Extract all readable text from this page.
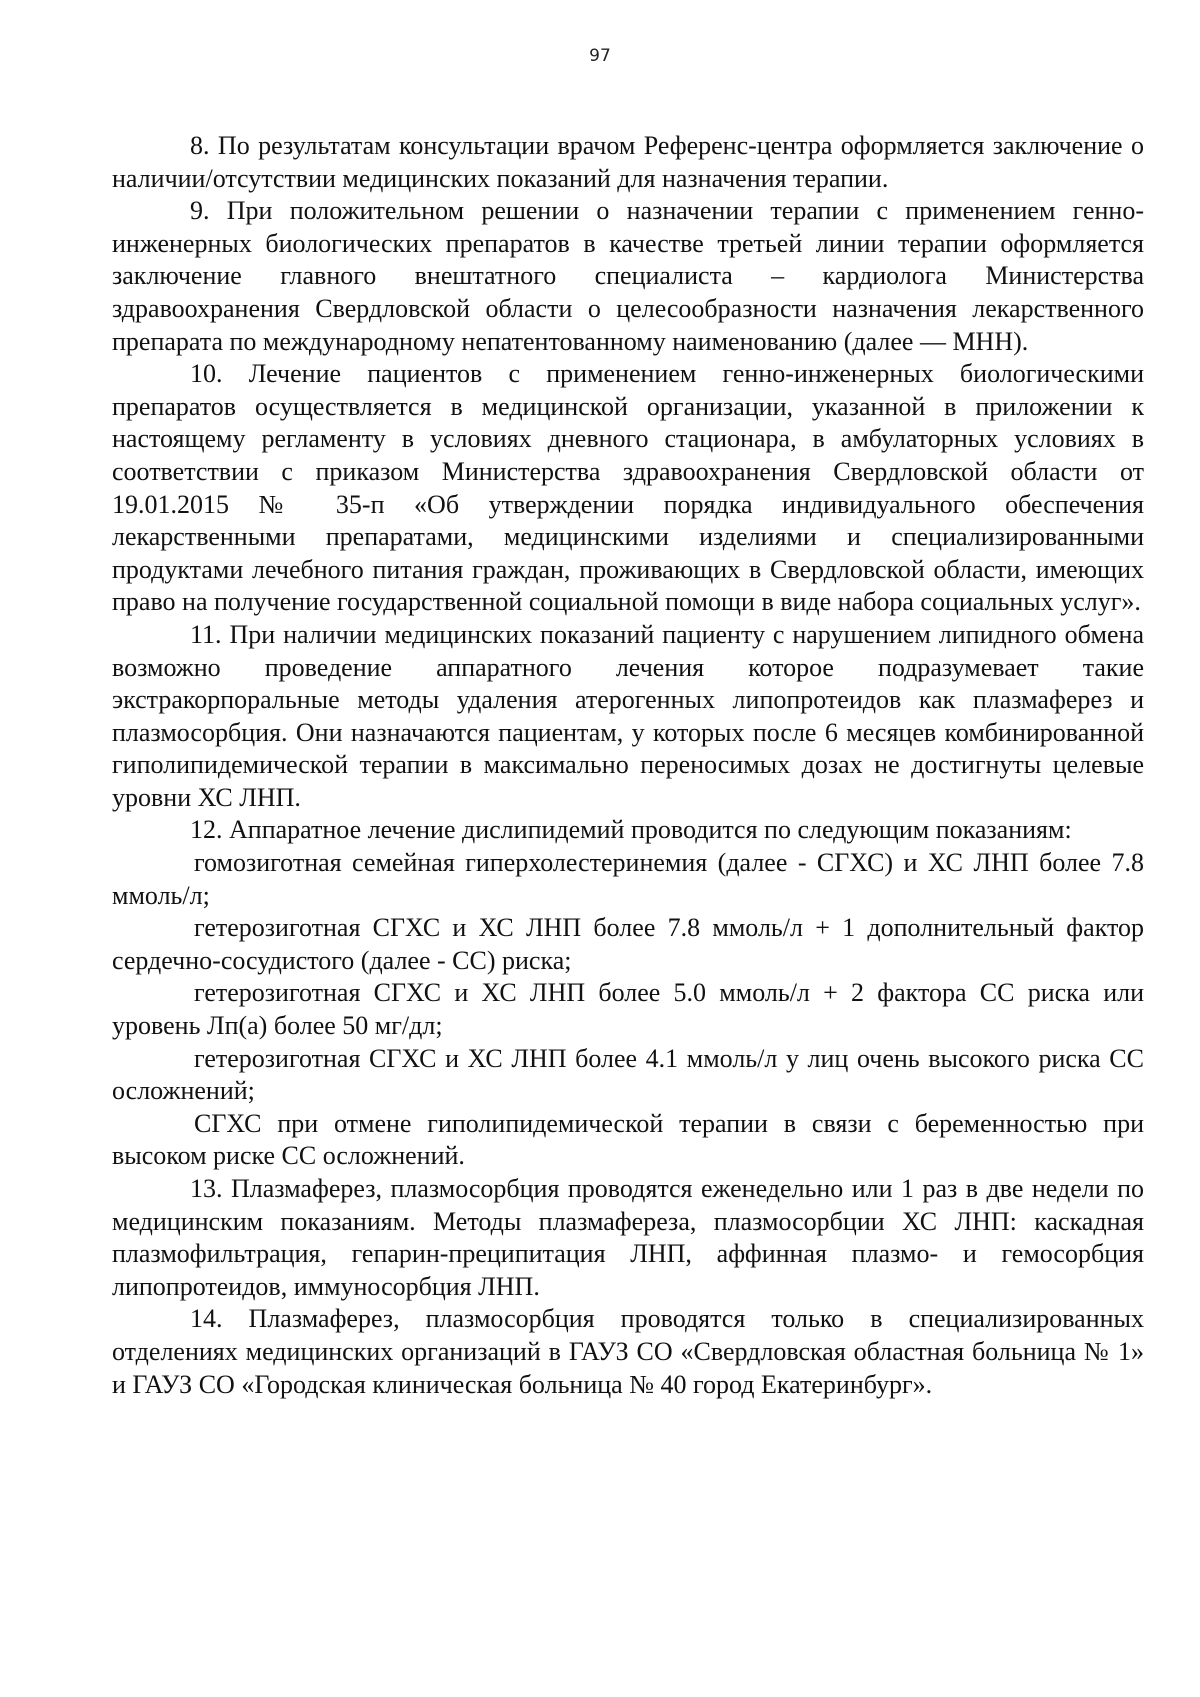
97

8. По результатам консультации врачом Референс-центра оформляется заключение о наличии/отсутствии медицинских показаний для назначения терапии.

9. При положительном решении о назначении терапии с применением генно-инженерных биологических препаратов в качестве третьей линии терапии оформляется заключение главного внештатного специалиста – кардиолога Министерства здравоохранения Свердловской области о целесообразности назначения лекарственного препарата по международному непатентованному наименованию (далее — МНН).

10. Лечение пациентов с применением генно-инженерных биологическими препаратов осуществляется в медицинской организации, указанной в приложении к настоящему регламенту в условиях дневного стационара, в амбулаторных условиях в соответствии с приказом Министерства здравоохранения Свердловской области от 19.01.2015 № 35-п «Об утверждении порядка индивидуального обеспечения лекарственными препаратами, медицинскими изделиями и специализированными продуктами лечебного питания граждан, проживающих в Свердловской области, имеющих право на получение государственной социальной помощи в виде набора социальных услуг».

11. При наличии медицинских показаний пациенту с нарушением липидного обмена возможно проведение аппаратного лечения которое подразумевает такие экстракорпоральные методы удаления атерогенных липопротеидов как плазмаферез и плазмосорбция. Они назначаются пациентам, у которых после 6 месяцев комбинированной гиполипидемической терапии в максимально переносимых дозах не достигнуты целевые уровни ХС ЛНП.

12. Аппаратное лечение дислипидемий проводится по следующим показаниям:

гомозиготная семейная гиперхолестеринемия (далее - СГХС) и ХС ЛНП более 7.8 ммоль/л;

гетерозиготная СГХС и ХС ЛНП более 7.8 ммоль/л + 1 дополнительный фактор сердечно-сосудистого (далее - СС) риска;

гетерозиготная СГХС и ХС ЛНП более 5.0 ммоль/л + 2 фактора СС риска или уровень Лп(а) более 50 мг/дл;

гетерозиготная СГХС и ХС ЛНП более 4.1 ммоль/л у лиц очень высокого риска СС осложнений;

СГХС при отмене гиполипидемической терапии в связи с беременностью при высоком риске СС осложнений.

13. Плазмаферез, плазмосорбция проводятся еженедельно или 1 раз в две недели по медицинским показаниям. Методы плазмафереза, плазмосорбции ХС ЛНП: каскадная плазмофильтрация, гепарин-преципитация ЛНП, аффинная плазмо- и гемосорбция липопротеидов, иммуносорбция ЛНП.

14. Плазмаферез, плазмосорбция проводятся только в специализированных отделениях медицинских организаций в ГАУЗ СО «Свердловская областная больница № 1» и ГАУЗ СО «Городская клиническая больница № 40 город Екатеринбург».
